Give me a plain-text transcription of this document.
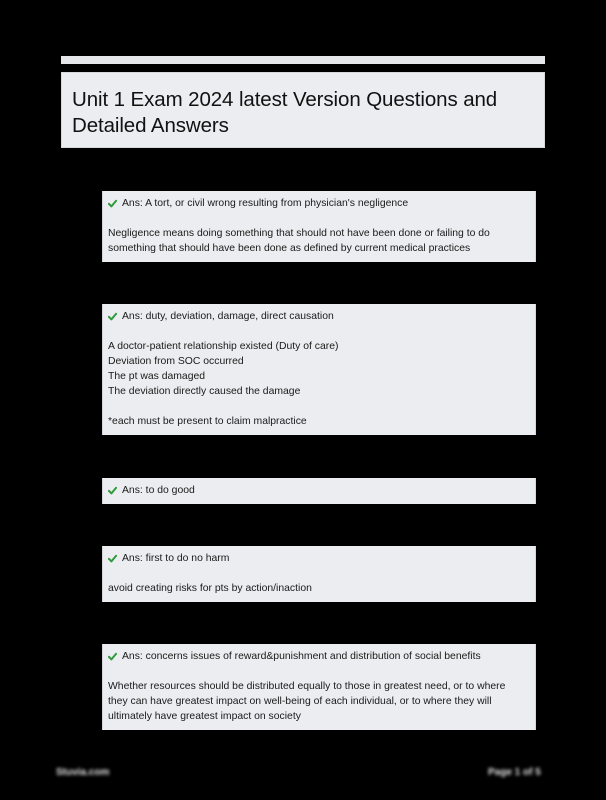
Unit 1 Exam 2024 latest Version Questions and Detailed Answers
Ans: A tort, or civil wrong resulting from physician's negligence
Negligence means doing something that should not have been done or failing to do
something that should have been done as defined by current medical practices
Ans: duty, deviation, damage, direct causation
A doctor-patient relationship existed (Duty of care)
Deviation from SOC occurred
The pt was damaged
The deviation directly caused the damage
*each must be present to claim malpractice
Ans: to do good
Ans: first to do no harm
avoid creating risks for pts by action/inaction
Ans: concerns issues of reward&punishment and distribution of social benefits
Whether resources should be distributed equally to those in greatest need, or to where
they can have greatest impact on well-being of each individual, or to where they will
ultimately have greatest impact on society
Stuvia.com	Page 1 of 5
